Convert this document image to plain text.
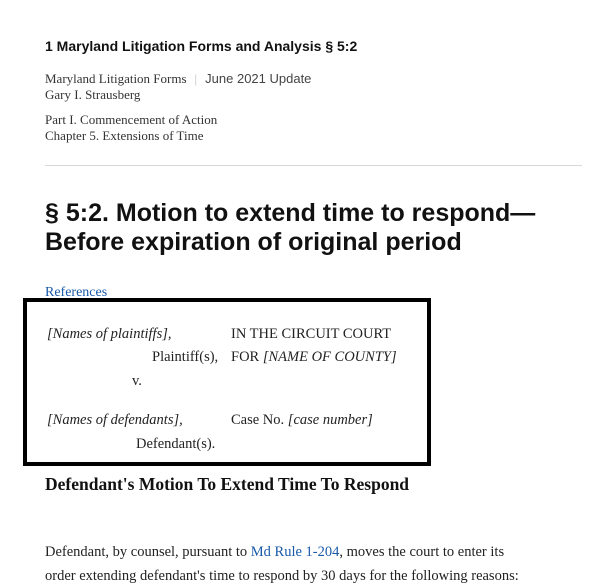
1 Maryland Litigation Forms and Analysis § 5:2
Maryland Litigation Forms | June 2021 Update
Gary I. Strausberg
Part I. Commencement of Action
Chapter 5. Extensions of Time
§ 5:2. Motion to extend time to respond—Before expiration of original period
References
[Names of plaintiffs],	IN THE CIRCUIT COURT
Plaintiff(s), FOR [NAME OF COUNTY]
v.
[Names of defendants],	Case No. [case number]
Defendant(s).
Defendant's Motion To Extend Time To Respond
Defendant, by counsel, pursuant to Md Rule 1-204, moves the court to enter its
order extending defendant's time to respond by 30 days for the following reasons:
